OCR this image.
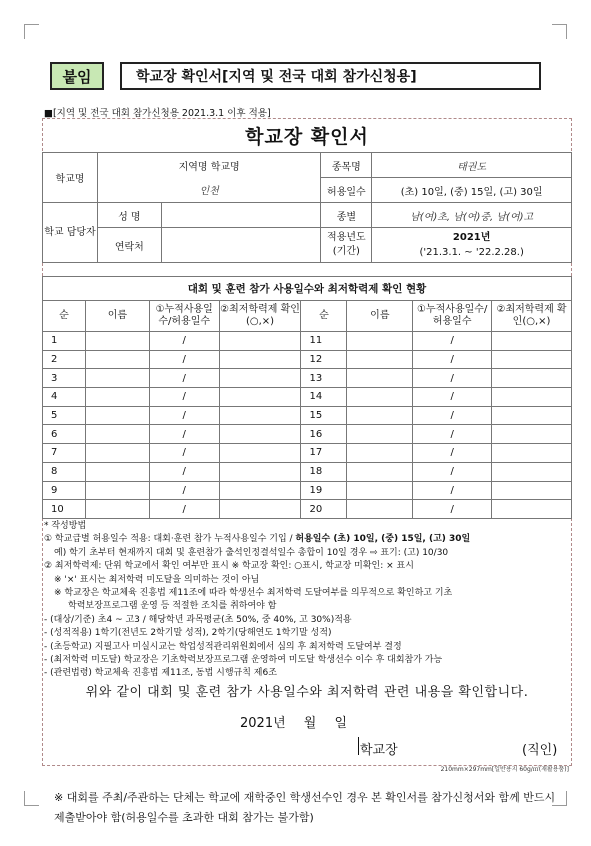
붙임	학교장 확인서[지역 및 전국 대회 참가신청용]
■[지역 및 전국 대회 참가신청용 2021.3.1 이후 적용]
학교장 확인서
학교명	지역명 학교명		종목명	태권도
	인천		허용일수	(초) 10일, (중) 15일, (고) 30일
학교 담당자	성 명		종별	남(여)초, 남(여)중, 남(여)고
	연락처		적용년도 (기간)	2021년
('21.3.1. ~ '22.2.28.)
대회 및 훈련 참가 사용일수와 최저학력제 확인 현황
순	이름	①누적사용일수/허용일수	②최저학력제 확인(○,×)	순	이름	①누적사용일수/허용일수	②최저학력제 확인(○,×)
1		/		11		/	
2		/		12		/	
3		/		13		/	
4		/		14		/	
5		/		15		/	
6		/		16		/	
7		/		17		/	
8		/		18		/	
9		/		19		/	
10		/		20		/	
* 작성방법
① 학교급별 허용일수 적용: 대회·훈련 참가 누적사용일수 기입 / 허용일수 (초) 10일, (중) 15일, (고) 30일
예) 학기 초부터 현재까지 대회 및 훈련참가 출석인정결석일수 총합이 10일 경우 ⇨ 표기: (고) 10/30
② 최저학력제: 단위 학교에서 확인 여부만 표시 ※ 학교장 확인: ○표시, 학교장 미확인: × 표시
※ '×' 표시는 최저학력 미도달을 의미하는 것이 아님
※ 학교장은 학교체육 진흥법 제11조에 따라 학생선수 최저학력 도달여부를 의무적으로 확인하고 기초
학력보장프로그램 운영 등 적절한 조치를 취하여야 함
- (대상/기준) 초4 ~ 고3 / 해당학년 과목평균(초 50%, 중 40%, 고 30%)적용
- (성적적용) 1학기(전년도 2학기말 성적), 2학기(당해연도 1학기말 성적)
- (초등학교) 지필고사 미실시교는 학업성적관리위원회에서 심의 후 최저학력 도달여부 결정
- (최저학력 미도달) 학교장은 기초학력보장프로그램 운영하여 미도달 학생선수 이수 후 대회참가 가능
- (관련법령) 학교체육 진흥법 제11조, 동법 시행규칙 제6조
위와 같이 대회 및 훈련 참가 사용일수와 최저학력 관련 내용을 확인합니다.
2021년 월 일
학교장	(직인)
210mm×297mm[일반용지 60g/㎡(재활용품)]
※ 대회를 주최/주관하는 단체는 학교에 재학중인 학생선수인 경우 본 확인서를 참가신청서와 함께 반드시 제출받아야 함(허용일수를 초과한 대회 참가는 불가함)
